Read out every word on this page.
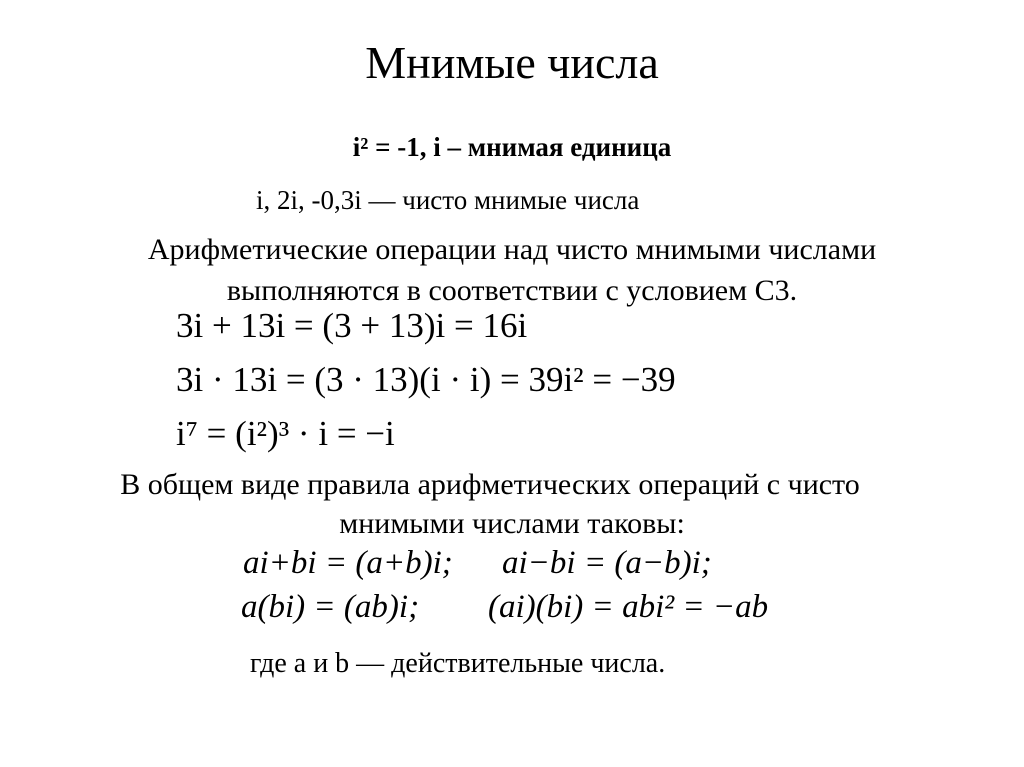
Мнимые числа
i² = -1, i – мнимая единица
i, 2i, -0,3i — чисто мнимые числа
Арифметические операции над чисто мнимыми числами
выполняются в соответствии с условием С3.
3i + 13i = (3 + 13)i = 16i
3i · 13i = (3 · 13)(i · i) = 39i² = −39
i⁷ = (i²)³ · i = −i
В общем виде правила арифметических операций с чисто
мнимыми числами таковы:
ai+bi = (a+b)i; ai−bi = (a−b)i;
a(bi) = (ab)i; (ai)(bi) = abi² = −ab
где a и b — действительные числа.
